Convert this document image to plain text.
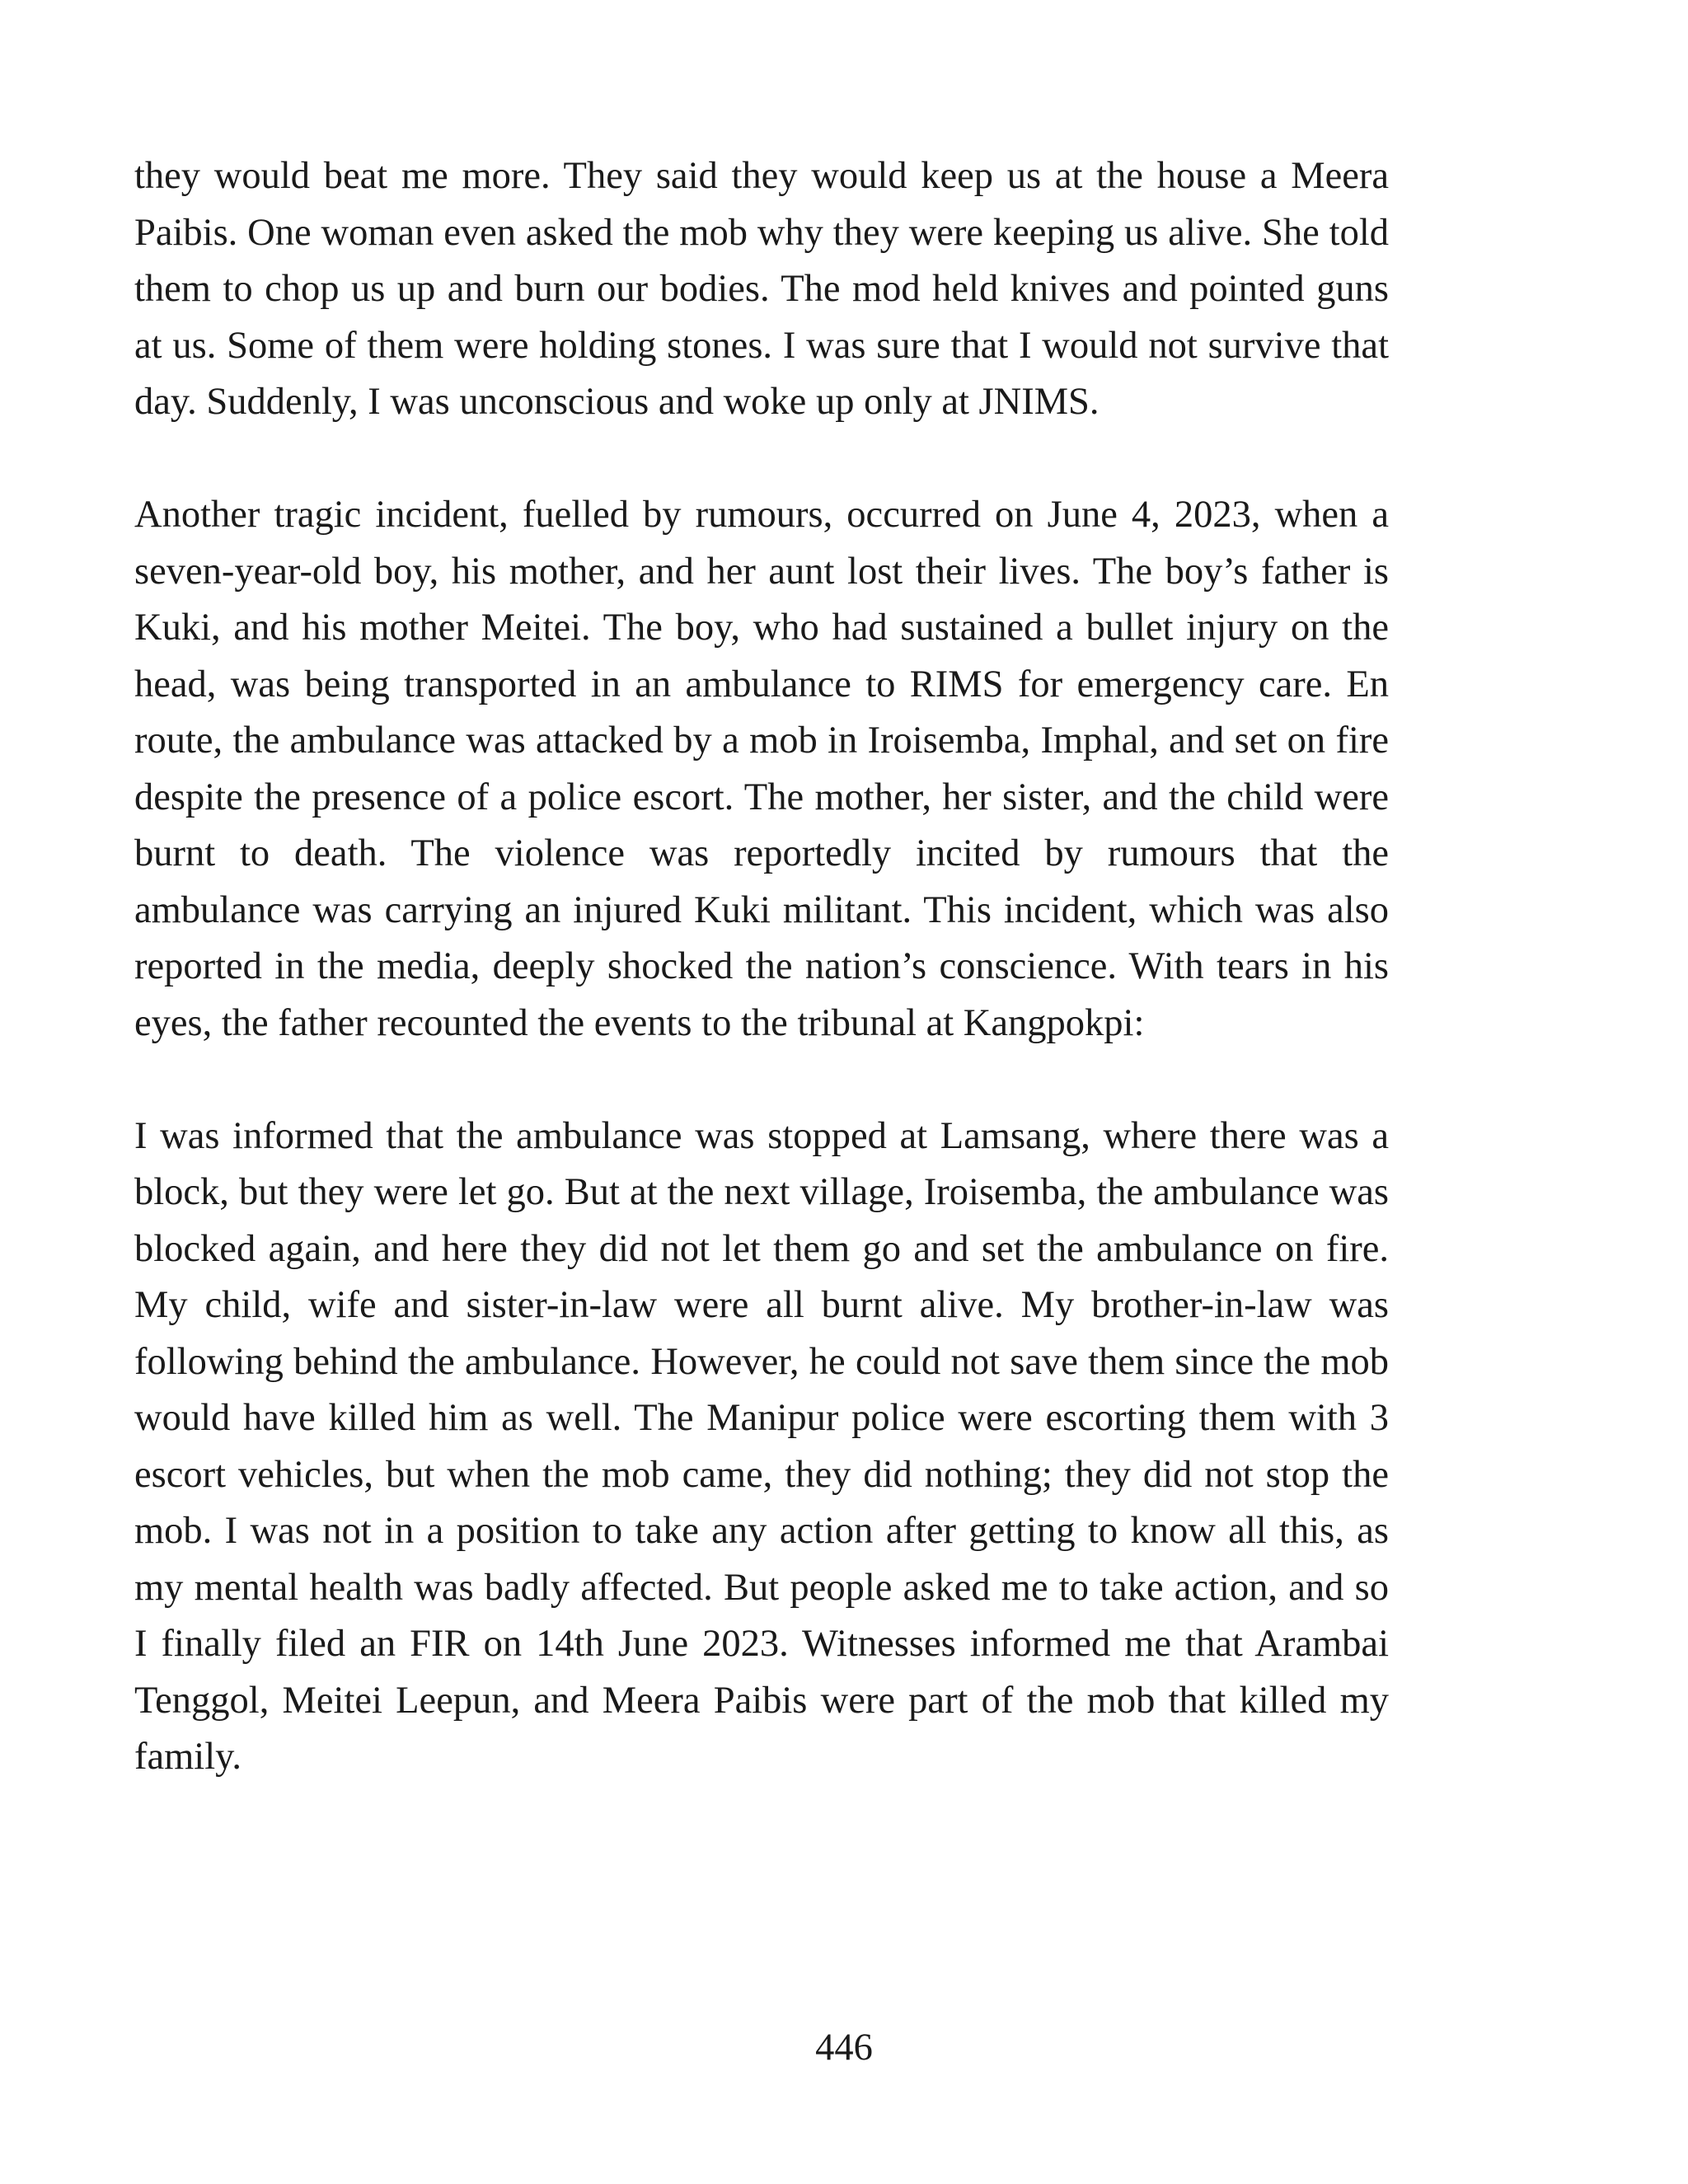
they would beat me more. They said they would keep us at the house a Meera Paibis. One woman even asked the mob why they were keeping us alive. She told them to chop us up and burn our bodies. The mod held knives and pointed guns at us. Some of them were holding stones. I was sure that I would not survive that day. Suddenly, I was unconscious and woke up only at JNIMS.

Another tragic incident, fuelled by rumours, occurred on June 4, 2023, when a seven-year-old boy, his mother, and her aunt lost their lives. The boy’s father is Kuki, and his mother Meitei. The boy, who had sustained a bullet injury on the head, was being transported in an ambulance to RIMS for emergency care. En route, the ambulance was attacked by a mob in Iroisemba, Imphal, and set on fire despite the presence of a police escort. The mother, her sister, and the child were burnt to death. The violence was reportedly incited by rumours that the ambulance was carrying an injured Kuki militant. This incident, which was also reported in the media, deeply shocked the nation’s conscience. With tears in his eyes, the father recounted the events to the tribunal at Kangpokpi:

I was informed that the ambulance was stopped at Lamsang, where there was a block, but they were let go. But at the next village, Iroisemba, the ambulance was blocked again, and here they did not let them go and set the ambulance on fire. My child, wife and sister-in-law were all burnt alive. My brother-in-law was following behind the ambulance. However, he could not save them since the mob would have killed him as well. The Manipur police were escorting them with 3 escort vehicles, but when the mob came, they did nothing; they did not stop the mob. I was not in a position to take any action after getting to know all this, as my mental health was badly affected. But people asked me to take action, and so I finally filed an FIR on 14th June 2023. Witnesses informed me that Arambai Tenggol, Meitei Leepun, and Meera Paibis were part of the mob that killed my family.

446
